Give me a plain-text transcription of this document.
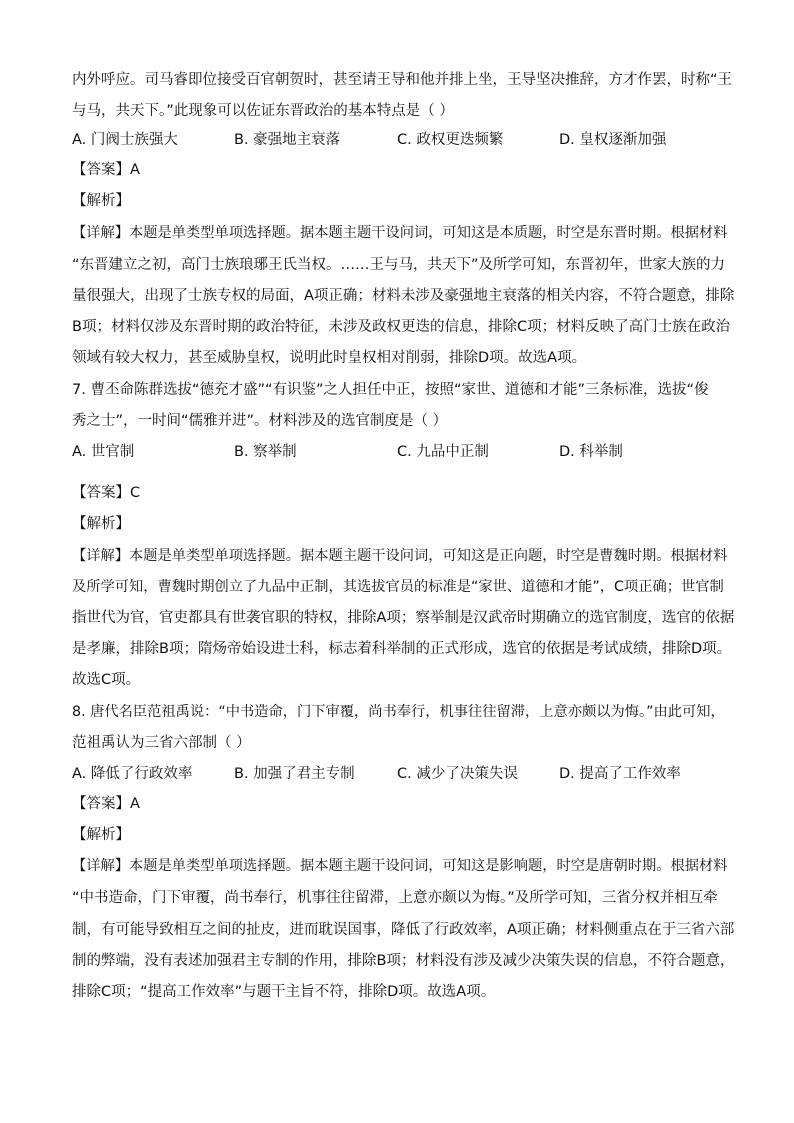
内外呼应。司马睿即位接受百官朝贺时，甚至请王导和他并排上坐，王导坚决推辞，方才作罢，时称“王
与马，共天下。”此现象可以佐证东晋政治的基本特点是（ ）
A. 门阀士族强大	B. 豪强地主衰落	C. 政权更迭频繁	D. 皇权逐渐加强
【答案】A
【解析】
【详解】本题是单类型单项选择题。据本题主题干设问词，可知这是本质题，时空是东晋时期。根据材料
“东晋建立之初，高门士族琅琊王氏当权。……王与马，共天下”及所学可知，东晋初年，世家大族的力
量很强大，出现了士族专权的局面，A项正确；材料未涉及豪强地主衰落的相关内容，不符合题意，排除
B项；材料仅涉及东晋时期的政治特征，未涉及政权更迭的信息，排除C项；材料反映了高门士族在政治
领域有较大权力，甚至威胁皇权，说明此时皇权相对削弱，排除D项。故选A项。
7. 曹丕命陈群选拔“德充才盛”“有识鉴”之人担任中正，按照“家世、道德和才能”三条标准，选拔“俊
秀之士”，一时间“儒雅并进”。材料涉及的选官制度是（ ）
A. 世官制	B. 察举制	C. 九品中正制	D. 科举制
【答案】C
【解析】
【详解】本题是单类型单项选择题。据本题主题干设问词，可知这是正向题，时空是曹魏时期。根据材料
及所学可知，曹魏时期创立了九品中正制，其选拔官员的标准是“家世、道德和才能”，C项正确；世官制
指世代为官，官吏都具有世袭官职的特权，排除A项；察举制是汉武帝时期确立的选官制度，选官的依据
是孝廉，排除B项；隋炀帝始设进士科，标志着科举制的正式形成，选官的依据是考试成绩，排除D项。
故选C项。
8. 唐代名臣范祖禹说：“中书造命，门下审覆，尚书奉行，机事往往留滞，上意亦颇以为悔。”由此可知，
范祖禹认为三省六部制（ ）
A. 降低了行政效率	B. 加强了君主专制	C. 减少了决策失误	D. 提高了工作效率
【答案】A
【解析】
【详解】本题是单类型单项选择题。据本题主题干设问词，可知这是影响题，时空是唐朝时期。根据材料
“中书造命，门下审覆，尚书奉行，机事往往留滞，上意亦颇以为悔。”及所学可知，三省分权并相互牵
制，有可能导致相互之间的扯皮，进而耽误国事，降低了行政效率，A项正确；材料侧重点在于三省六部
制的弊端，没有表述加强君主专制的作用，排除B项；材料没有涉及减少决策失误的信息，不符合题意，
排除C项；“提高工作效率”与题干主旨不符，排除D项。故选A项。
